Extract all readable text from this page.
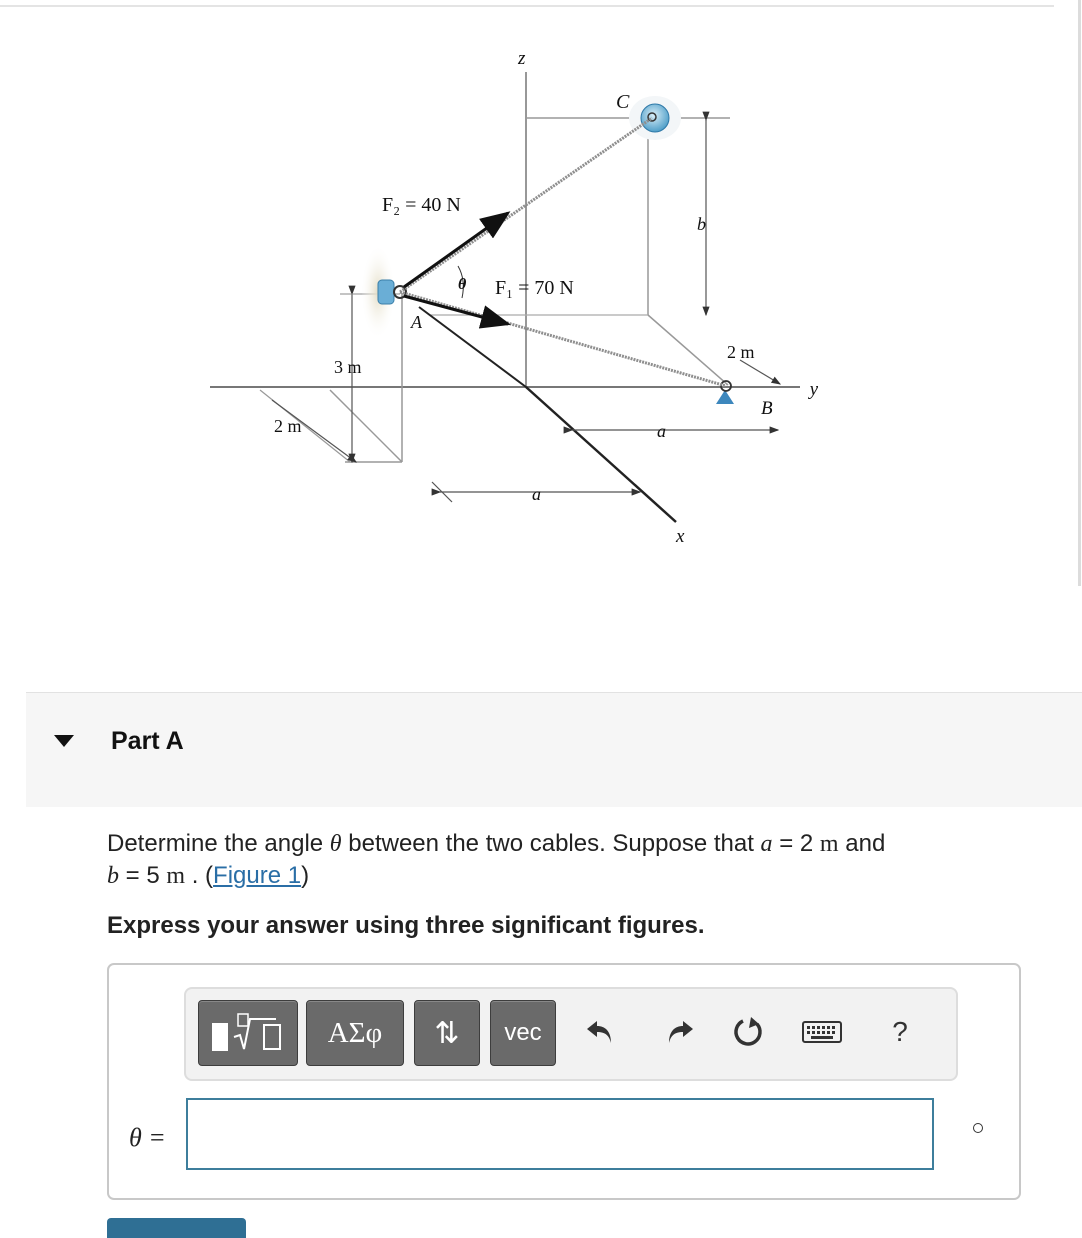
z
C
F₂ = 40 N
b
θ F₁ = 70 N
A
2 m
3 m
y
B
2 m	a
a
x
Part A
Determine the angle θ between the two cables. Suppose that a = 2 m and
b = 5 m . (Figure 1)
Express your answer using three significant figures.
ΑΣφ	⇅	vec	?
θ =
